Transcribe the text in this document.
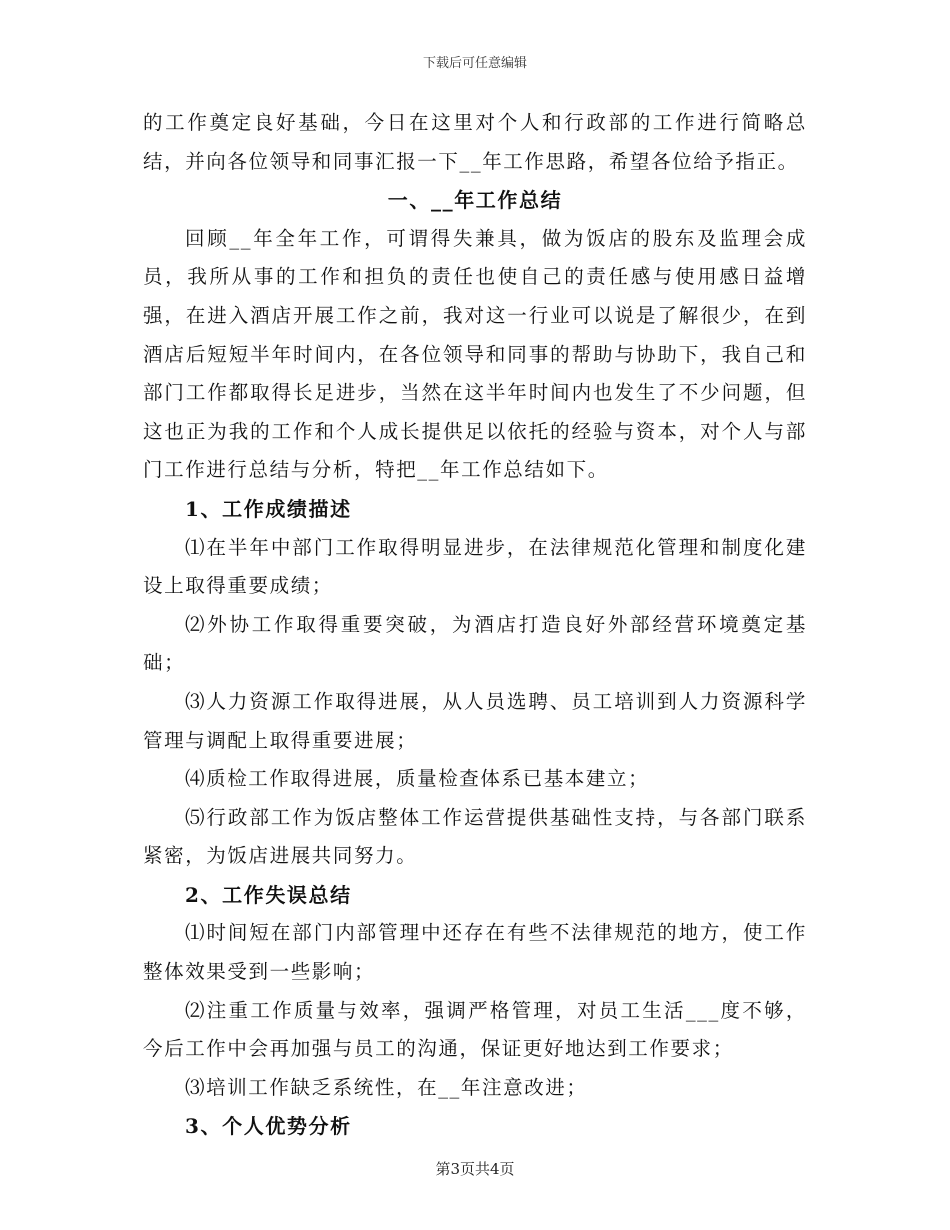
下载后可任意编辑

的工作奠定良好基础，今日在这里对个人和行政部的工作进行简略总结，并向各位领导和同事汇报一下__年工作思路，希望各位给予指正。

一、__年工作总结

回顾__年全年工作，可谓得失兼具，做为饭店的股东及监理会成员，我所从事的工作和担负的责任也使自己的责任感与使用感日益增强，在进入酒店开展工作之前，我对这一行业可以说是了解很少，在到酒店后短短半年时间内，在各位领导和同事的帮助与协助下，我自己和部门工作都取得长足进步，当然在这半年时间内也发生了不少问题，但这也正为我的工作和个人成长提供足以依托的经验与资本，对个人与部门工作进行总结与分析，特把__年工作总结如下。

1、工作成绩描述

⑴在半年中部门工作取得明显进步，在法律规范化管理和制度化建设上取得重要成绩；

⑵外协工作取得重要突破，为酒店打造良好外部经营环境奠定基础；

⑶人力资源工作取得进展，从人员选聘、员工培训到人力资源科学管理与调配上取得重要进展；

⑷质检工作取得进展，质量检查体系已基本建立；

⑸行政部工作为饭店整体工作运营提供基础性支持，与各部门联系紧密，为饭店进展共同努力。

2、工作失误总结

⑴时间短在部门内部管理中还存在有些不法律规范的地方，使工作整体效果受到一些影响；

⑵注重工作质量与效率，强调严格管理，对员工生活___度不够，今后工作中会再加强与员工的沟通，保证更好地达到工作要求；

⑶培训工作缺乏系统性，在__年注意改进；

3、个人优势分析

第3页共4页
